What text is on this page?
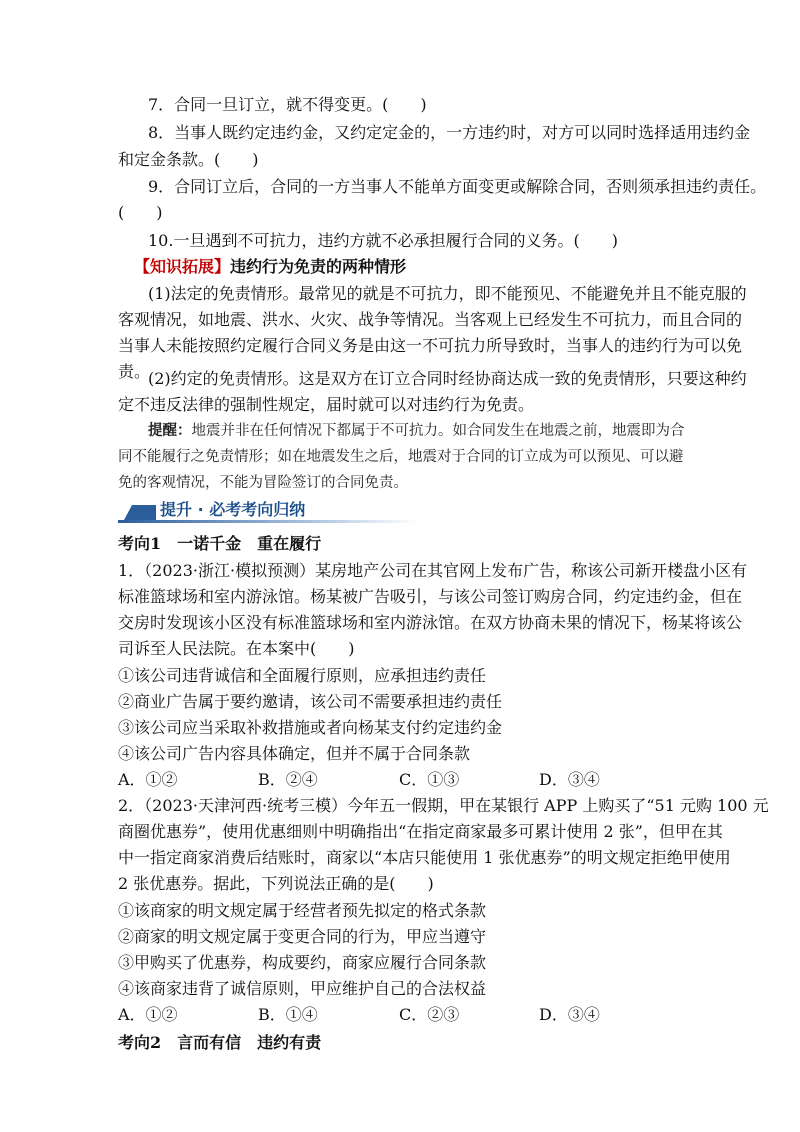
7．合同一旦订立，就不得变更。(　　)
8．当事人既约定违约金，又约定定金的，一方违约时，对方可以同时选择适用违约金
和定金条款。(　　)
9．合同订立后，合同的一方当事人不能单方面变更或解除合同，否则须承担违约责任。
(　　)
10.一旦遇到不可抗力，违约方就不必承担履行合同的义务。(　　)
【知识拓展】违约行为免责的两种情形
(1)法定的免责情形。最常见的就是不可抗力，即不能预见、不能避免并且不能克服的
客观情况，如地震、洪水、火灾、战争等情况。当客观上已经发生不可抗力，而且合同的
当事人未能按照约定履行合同义务是由这一不可抗力所导致时，当事人的违约行为可以免
责。
(2)约定的免责情形。这是双方在订立合同时经协商达成一致的免责情形，只要这种约
定不违反法律的强制性规定，届时就可以对违约行为免责。
提醒：地震并非在任何情况下都属于不可抗力。如合同发生在地震之前，地震即为合
同不能履行之免责情形；如在地震发生之后，地震对于合同的订立成为可以预见、可以避
提升 · 必考考向归纳
考向1　一诺千金　重在履行
1．（2023·浙江·模拟预测）某房地产公司在其官网上发布广告，称该公司新开楼盘小区有
标准篮球场和室内游泳馆。杨某被广告吸引，与该公司签订购房合同，约定违约金，但在
交房时发现该小区没有标准篮球场和室内游泳馆。在双方协商未果的情况下，杨某将该公
司诉至人民法院。在本案中(　　)
①该公司违背诚信和全面履行原则，应承担违约责任
②商业广告属于要约邀请，该公司不需要承担违约责任
③该公司应当采取补救措施或者向杨某支付约定违约金
④该公司广告内容具体确定，但并不属于合同条款
A．①②	B．②④	C．①③	D．③④
2．（2023·天津河西·统考三模）今年五一假期，甲在某银行 APP 上购买了“51 元购 100 元
商圈优惠券”，使用优惠细则中明确指出“在指定商家最多可累计使用 2 张”，但甲在其
中一指定商家消费后结账时，商家以“本店只能使用 1 张优惠券”的明文规定拒绝甲使用
2 张优惠券。据此，下列说法正确的是(　　)
①该商家的明文规定属于经营者预先拟定的格式条款
②商家的明文规定属于变更合同的行为，甲应当遵守
③甲购买了优惠券，构成要约，商家应履行合同条款
④该商家违背了诚信原则，甲应维护自己的合法权益
A．①②	B．①④	C．②③	D．③④
考向2　言而有信　违约有责
免的客观情况，不能为冒险签订的合同免责。
